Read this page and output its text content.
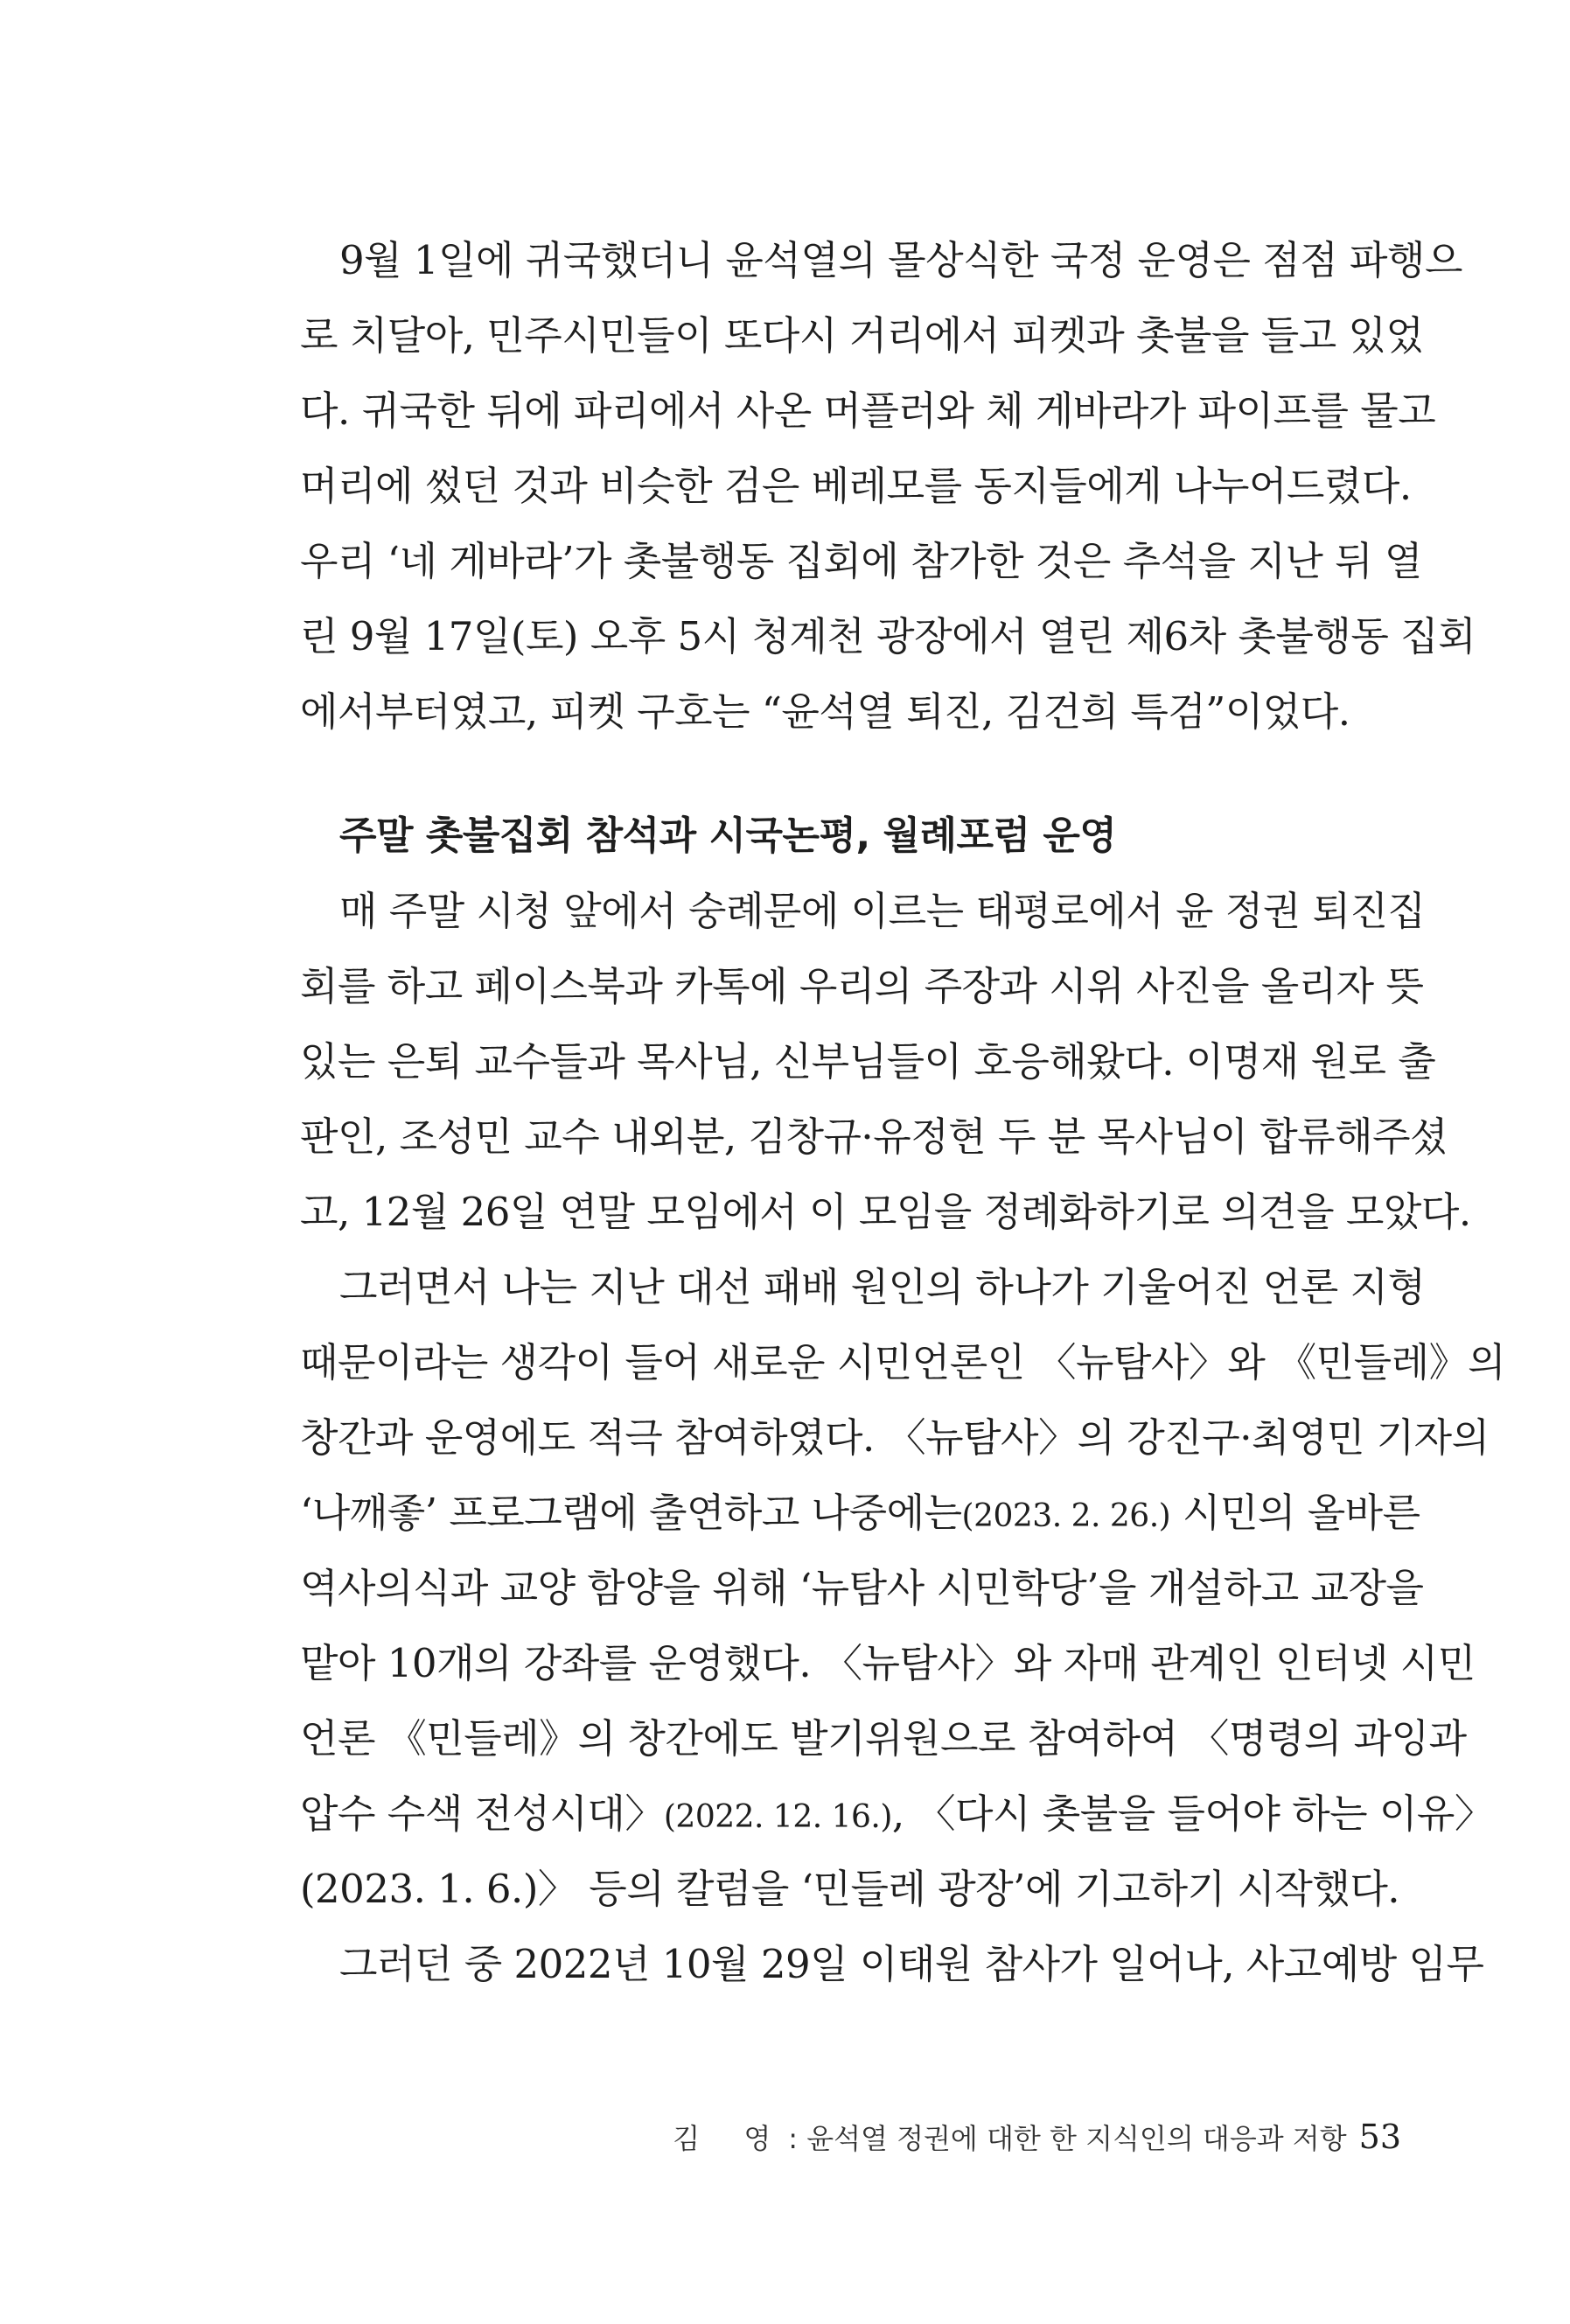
9월 1일에 귀국했더니 윤석열의 몰상식한 국정 운영은 점점 파행으
로 치달아, 민주시민들이 또다시 거리에서 피켓과 촛불을 들고 있었
다. 귀국한 뒤에 파리에서 사온 머플러와 체 게바라가 파이프를 물고
머리에 썼던 것과 비슷한 검은 베레모를 동지들에게 나누어드렸다.
우리 ‘네 게바라’가 촛불행동 집회에 참가한 것은 추석을 지난 뒤 열
린 9월 17일(토) 오후 5시 청계천 광장에서 열린 제6차 촛불행동 집회
에서부터였고, 피켓 구호는 “윤석열 퇴진, 김건희 특검”이었다.
주말 촛불집회 참석과 시국논평, 월례포럼 운영
매 주말 시청 앞에서 숭례문에 이르는 태평로에서 윤 정권 퇴진집
회를 하고 페이스북과 카톡에 우리의 주장과 시위 사진을 올리자 뜻
있는 은퇴 교수들과 목사님, 신부님들이 호응해왔다. 이명재 원로 출
판인, 조성민 교수 내외분, 김창규·유정현 두 분 목사님이 합류해주셨
고, 12월 26일 연말 모임에서 이 모임을 정례화하기로 의견을 모았다.
그러면서 나는 지난 대선 패배 원인의 하나가 기울어진 언론 지형
때문이라는 생각이 들어 새로운 시민언론인 〈뉴탐사〉와 《민들레》의
창간과 운영에도 적극 참여하였다. 〈뉴탐사〉의 강진구·최영민 기자의
‘나깨좋’ 프로그램에 출연하고 나중에는(2023. 2. 26.) 시민의 올바른
역사의식과 교양 함양을 위해 ‘뉴탐사 시민학당’을 개설하고 교장을
맡아 10개의 강좌를 운영했다. 〈뉴탐사〉와 자매 관계인 인터넷 시민
언론 《민들레》의 창간에도 발기위원으로 참여하여 〈명령의 과잉과
압수 수색 전성시대〉(2022. 12. 16.), 〈다시 촛불을 들어야 하는 이유〉
(2023. 1. 6.)〉 등의 칼럼을 ‘민들레 광장’에 기고하기 시작했다.
그러던 중 2022년 10월 29일 이태원 참사가 일어나, 사고예방 임무
김 영: 윤석열 정권에 대한 한 지식인의 대응과 저항 53
